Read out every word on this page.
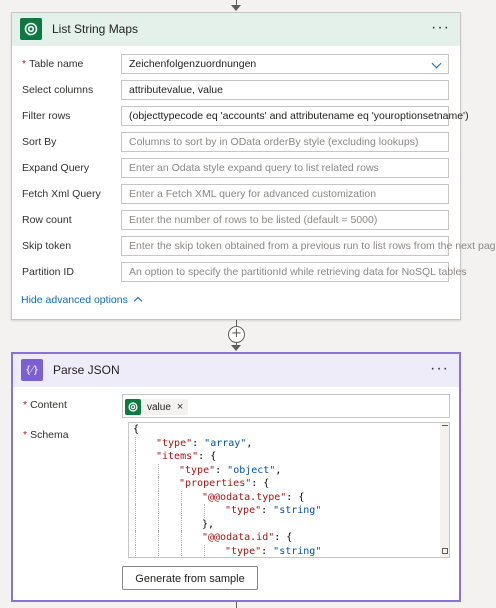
+
List String Maps	···
* Table name	Zeichenfolgenzuordnungen
Select columns	attributevalue, value
Filter rows	(objecttypecode eq 'accounts' and attributename eq 'youroptionsetname')
Sort By	Columns to sort by in OData orderBy style (excluding lookups)
Expand Query	Enter an Odata style expand query to list related rows
Fetch Xml Query	Enter a Fetch XML query for advanced customization
Row count	Enter the number of rows to be listed (default = 5000)
Skip token	Enter the skip token obtained from a previous run to list rows from the next pag
Partition ID	An option to specify the partitionId while retrieving data for NoSQL tables
Hide advanced options
{⁄}	Parse JSON	···
* Content	value ×
* Schema	{
"type": "array",
"items": {
"type": "object",
"properties": {
"@@odata.type": {
"type": "string"
},
"@@odata.id": {
"type": "string"
Generate from sample
